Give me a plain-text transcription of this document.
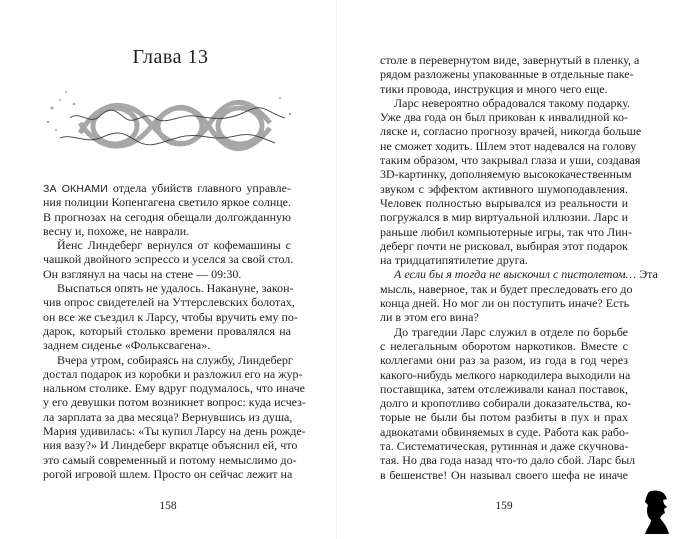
Глава 13
ЗА ОКНАМИ отдела убийств главного управле-
ния полиции Копенгагена светило яркое солнце.
В прогнозах на сегодня обещали долгожданную
весну и, похоже, не наврали.
Йенс Линдеберг вернулся от кофемашины с
чашкой двойного эспрессо и уселся за свой стол.
Он взглянул на часы на стене — 09:30.
Выспаться опять не удалось. Накануне, закон-
чив опрос свидетелей на Уттерслевских болотах,
он все же съездил к Ларсу, чтобы вручить ему по-
дарок, который столько времени провалялся на
заднем сиденье «Фольксвагена».
Вчера утром, собираясь на службу, Линдеберг
достал подарок из коробки и разложил его на жур-
нальном столике. Ему вдруг подумалось, что иначе
у его девушки потом возникнет вопрос: куда исчез-
ла зарплата за два месяца? Вернувшись из душа,
Мария удивилась: «Ты купил Ларсу на день рожде-
ния вазу?» И Линдеберг вкратце объяснил ей, что
это самый современный и потому немыслимо до-
рогой игровой шлем. Просто он сейчас лежит на
158
столе в перевернутом виде, завернутый в пленку, а
рядом разложены упакованные в отдельные паке-
тики провода, инструкция и много чего еще.
Ларс невероятно обрадовался такому подарку.
Уже два года он был прикован к инвалидной ко-
ляске и, согласно прогнозу врачей, никогда больше
не сможет ходить. Шлем этот надевался на голову
таким образом, что закрывал глаза и уши, создавая
3D-картинку, дополняемую высококачественным
звуком с эффектом активного шумоподавления.
Человек полностью вырывался из реальности и
погружался в мир виртуальной иллюзии. Ларс и
раньше любил компьютерные игры, так что Лин-
деберг почти не рисковал, выбирая этот подарок
на тридцатипятилетие друга.
А если бы я тогда не выскочил с пистолетом… Эта
мысль, наверное, так и будет преследовать его до
конца дней. Но мог ли он поступить иначе? Есть
ли в этом его вина?
До трагедии Ларс служил в отделе по борьбе
с нелегальным оборотом наркотиков. Вместе с
коллегами они раз за разом, из года в год через
какого-нибудь мелкого наркодилера выходили на
поставщика, затем отслеживали канал поставок,
долго и кропотливо собирали доказательства, ко-
торые не были бы потом разбиты в пух и прах
адвокатами обвиняемых в суде. Работа как рабо-
та. Систематическая, рутинная и даже скучнова-
тая. Но два года назад что-то дало сбой. Ларс был
в бешенстве! Он называл своего шефа не иначе
159
